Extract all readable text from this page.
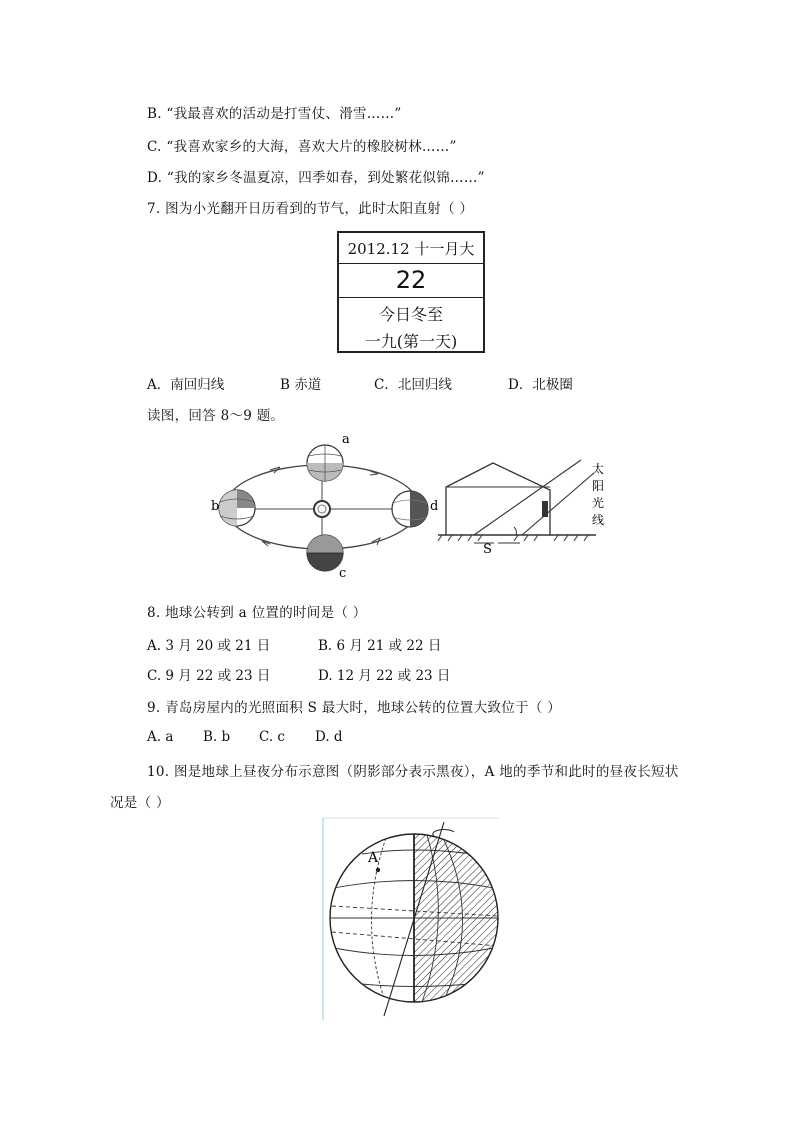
B. “我最喜欢的活动是打雪仗、滑雪……”
C. “我喜欢家乡的大海，喜欢大片的橡胶树林……”
D. “我的家乡冬温夏凉，四季如春，到处繁花似锦……”
7. 图为小光翻开日历看到的节气，此时太阳直射（ ）
2012.12 十一月大
22
今日冬至
一九(第一天)
A．南回归线	B 赤道	C．北回归线	D．北极圈
读图，回答 8～9 题。
a
b	d
c
S
太
阳
光
线
8. 地球公转到 a 位置的时间是（ ）
A. 3 月 20 或 21 日	B. 6 月 21 或 22 日
C. 9 月 22 或 23 日	D. 12 月 22 或 23 日
9. 青岛房屋内的光照面积 S 最大时，地球公转的位置大致位于（ ）
A. a B. b C. c D. d
10. 图是地球上昼夜分布示意图（阴影部分表示黑夜），A 地的季节和此时的昼夜长短状
况是（ ）
A
